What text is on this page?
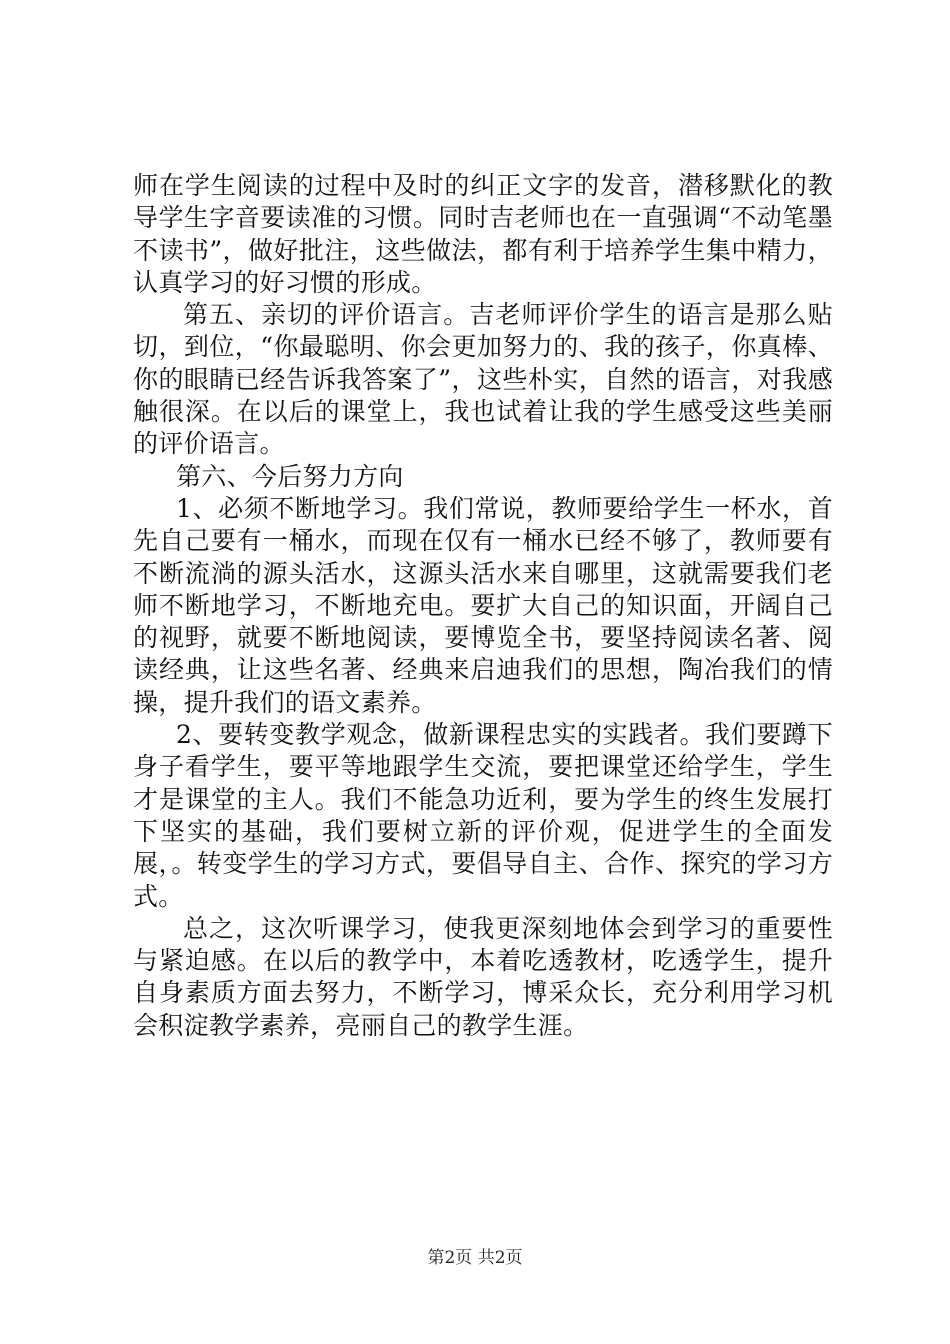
师在学生阅读的过程中及时的纠正文字的发音，潜移默化的教导学生字音要读准的习惯。同时吉老师也在一直强调“不动笔墨不读书”，做好批注，这些做法，都有利于培养学生集中精力，认真学习的好习惯的形成。

第五、亲切的评价语言。吉老师评价学生的语言是那么贴切，到位，“你最聪明、你会更加努力的、我的孩子，你真棒、你的眼睛已经告诉我答案了”，这些朴实，自然的语言，对我感触很深。在以后的课堂上，我也试着让我的学生感受这些美丽的评价语言。

第六、今后努力方向

1、必须不断地学习。我们常说，教师要给学生一杯水，首先自己要有一桶水，而现在仅有一桶水已经不够了，教师要有不断流淌的源头活水，这源头活水来自哪里，这就需要我们老师不断地学习，不断地充电。要扩大自己的知识面，开阔自己的视野，就要不断地阅读，要博览全书，要坚持阅读名著、阅读经典，让这些名著、经典来启迪我们的思想，陶冶我们的情操，提升我们的语文素养。

2、要转变教学观念，做新课程忠实的实践者。我们要蹲下身子看学生，要平等地跟学生交流，要把课堂还给学生，学生才是课堂的主人。我们不能急功近利，要为学生的终生发展打下坚实的基础，我们要树立新的评价观，促进学生的全面发展，。转变学生的学习方式，要倡导自主、合作、探究的学习方式。

总之，这次听课学习，使我更深刻地体会到学习的重要性与紧迫感。在以后的教学中，本着吃透教材，吃透学生，提升自身素质方面去努力，不断学习，博采众长，充分利用学习机会积淀教学素养，亮丽自己的教学生涯。

第2页 共2页
